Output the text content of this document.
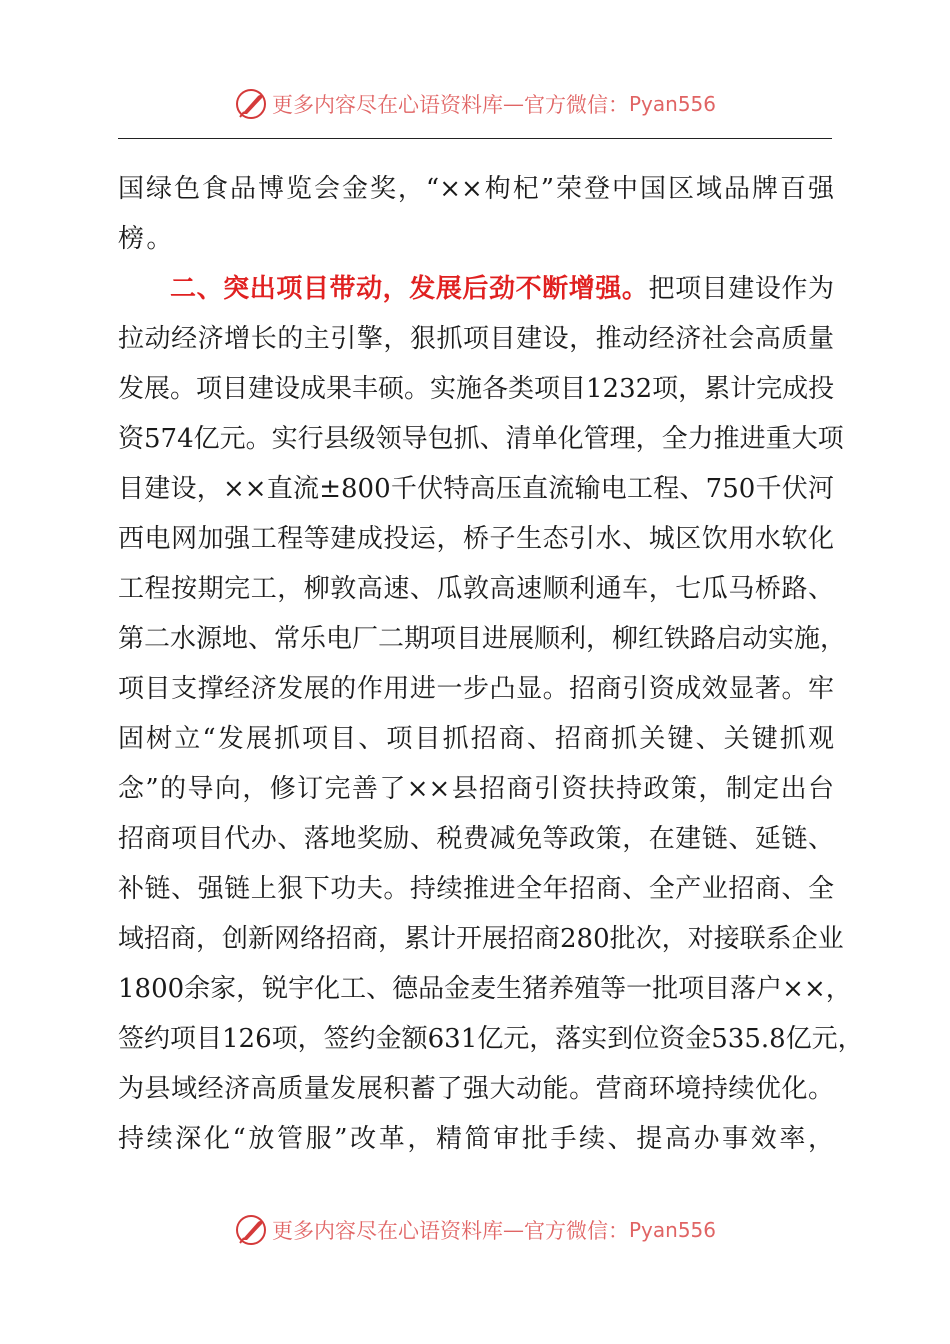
更多内容尽在心语资料库 — 官方微信： Pyan556
国绿色食品博览会金奖，“××枸杞”荣登中国区域品牌百强
榜。
二、突出项目带动，发展后劲不断增强。把项目建设作为
拉动经济增长的主引擎，狠抓项目建设，推动经济社会高质量
发展。项目建设成果丰硕。实施各类项目1232项，累计完成投
资574亿元。实行县级领导包抓、清单化管理，全力推进重大项
目建设，××直流±800千伏特高压直流输电工程、750千伏河
西电网加强工程等建成投运，桥子生态引水、城区饮用水软化
工程按期完工，柳敦高速、瓜敦高速顺利通车，七瓜马桥路、
第二水源地、常乐电厂二期项目进展顺利，柳红铁路启动实施，
项目支撑经济发展的作用进一步凸显。招商引资成效显著。牢
固树立“发展抓项目、项目抓招商、招商抓关键、关键抓观
念”的导向，修订完善了××县招商引资扶持政策，制定出台
招商项目代办、落地奖励、税费减免等政策，在建链、延链、
补链、强链上狠下功夫。持续推进全年招商、全产业招商、全
域招商，创新网络招商，累计开展招商280批次，对接联系企业
1800余家，锐宇化工、德品金麦生猪养殖等一批项目落户××，
签约项目126项，签约金额631亿元，落实到位资金535.8亿元，
为县域经济高质量发展积蓄了强大动能。营商环境持续优化。
持续深化“放管服”改革，精简审批手续、提高办事效率，
更多内容尽在心语资料库 — 官方微信： Pyan556
